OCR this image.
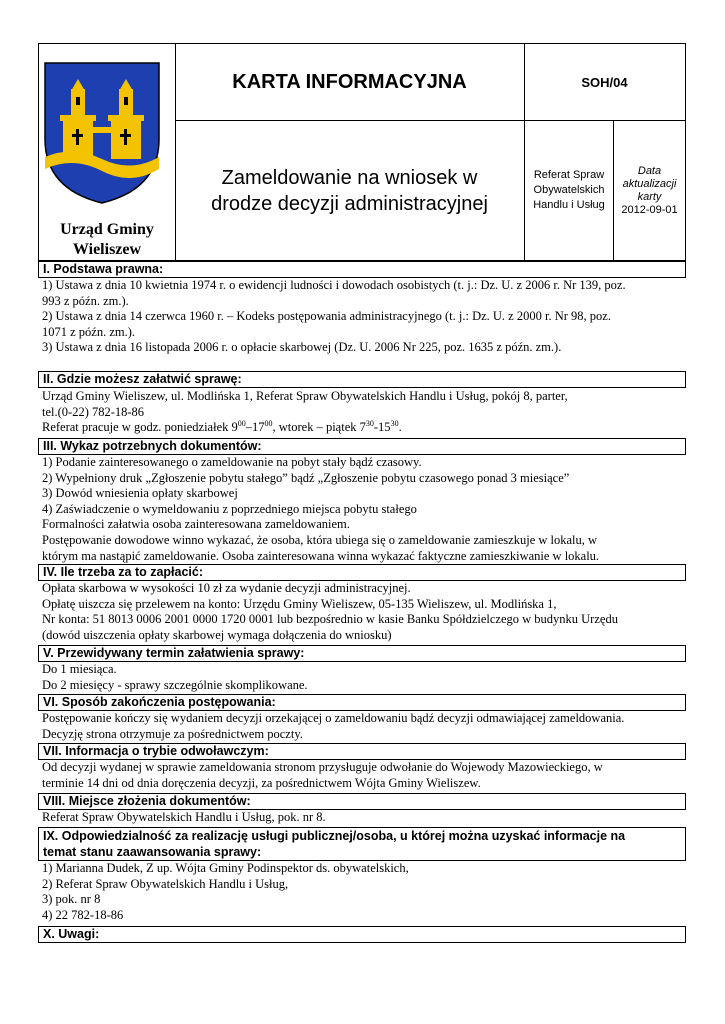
Urząd Gminy
Wieliszew
KARTA INFORMACYJNA	SOH/04
Zameldowanie na wniosek w
drodze decyzji administracyjnej
Referat Spraw
Obywatelskich
Handlu i Usług
Data
aktualizacji
karty
2012-09-01
I. Podstawa prawna:
1) Ustawa z dnia 10 kwietnia 1974 r. o ewidencji ludności i dowodach osobistych (t. j.: Dz. U. z 2006 r. Nr 139, poz.
993 z późn. zm.).
2) Ustawa z dnia 14 czerwca 1960 r. – Kodeks postępowania administracyjnego (t. j.: Dz. U. z 2000 r. Nr 98, poz.
1071 z późn. zm.).
3) Ustawa z dnia 16 listopada 2006 r. o opłacie skarbowej (Dz. U. 2006 Nr 225, poz. 1635 z późn. zm.).
II. Gdzie możesz załatwić sprawę:
Urząd Gminy Wieliszew, ul. Modlińska 1, Referat Spraw Obywatelskich Handlu i Usług, pokój 8, parter,
tel.(0-22) 782-18-86
Referat pracuje w godz. poniedziałek $9^{00}-17^{00}$, wtorek – piątek $7^{30}-15^{30}$.
III. Wykaz potrzebnych dokumentów:
1) Podanie zainteresowanego o zameldowanie na pobyt stały bądź czasowy.
2) Wypełniony druk „Zgłoszenie pobytu stałego” bądź „Zgłoszenie pobytu czasowego ponad 3 miesiące”
3) Dowód wniesienia opłaty skarbowej
4) Zaświadczenie o wymeldowaniu z poprzedniego miejsca pobytu stałego
Formalności załatwia osoba zainteresowana zameldowaniem.
Postępowanie dowodowe winno wykazać, że osoba, która ubiega się o zameldowanie zamieszkuje w lokalu, w
którym ma nastąpić zameldowanie. Osoba zainteresowana winna wykazać faktyczne zamieszkiwanie w lokalu.
IV. Ile trzeba za to zapłacić:
Opłata skarbowa w wysokości 10 zł za wydanie decyzji administracyjnej.
Opłatę uiszcza się przelewem na konto: Urzędu Gminy Wieliszew, 05-135 Wieliszew, ul. Modlińska 1,
Nr konta: 51 8013 0006 2001 0000 1720 0001 lub bezpośrednio w kasie Banku Spółdzielczego w budynku Urzędu
(dowód uiszczenia opłaty skarbowej wymaga dołączenia do wniosku)
V. Przewidywany termin załatwienia sprawy:
Do 1 miesiąca.
Do 2 miesięcy - sprawy szczególnie skomplikowane.
VI. Sposób zakończenia postępowania:
Postępowanie kończy się wydaniem decyzji orzekającej o zameldowaniu bądź decyzji odmawiającej zameldowania.
Decyzję strona otrzymuje za pośrednictwem poczty.
VII. Informacja o trybie odwoławczym:
Od decyzji wydanej w sprawie zameldowania stronom przysługuje odwołanie do Wojewody Mazowieckiego, w
terminie 14 dni od dnia doręczenia decyzji, za pośrednictwem Wójta Gminy Wieliszew.
VIII. Miejsce złożenia dokumentów:
Referat Spraw Obywatelskich Handlu i Usług, pok. nr 8.
IX. Odpowiedzialność za realizację usługi publicznej/osoba, u której można uzyskać informacje na
temat stanu zaawansowania sprawy:
1) Marianna Dudek, Z up. Wójta Gminy Podinspektor ds. obywatelskich,
2) Referat Spraw Obywatelskich Handlu i Usług,
3) pok. nr 8
4) 22 782-18-86
X. Uwagi:
